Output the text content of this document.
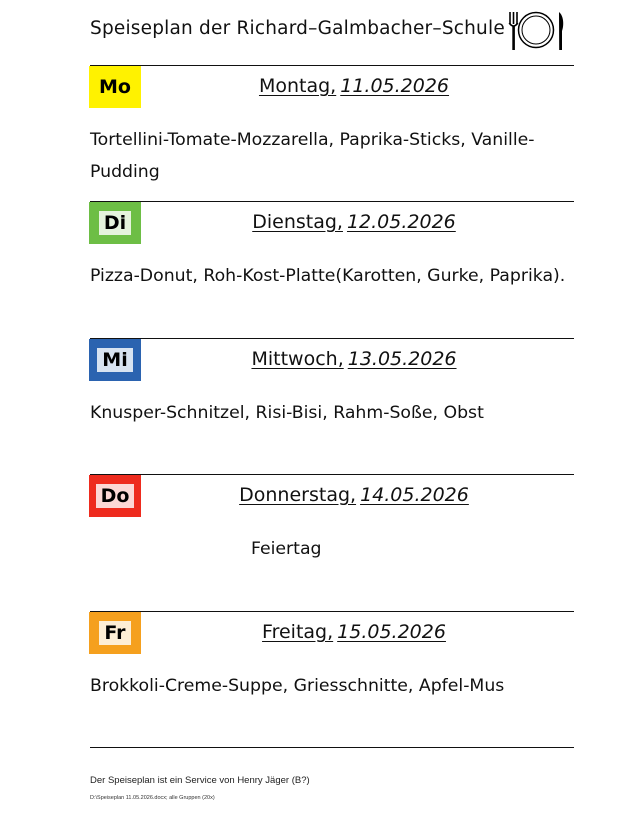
Speiseplan der Richard–Galmbacher–Schule
Mo	Montag, 11.05.2026
Tortellini-Tomate-Mozzarella, Paprika-Sticks, Vanille-Pudding
Di	Dienstag, 12.05.2026
Pizza-Donut, Roh-Kost-Platte(Karotten, Gurke, Paprika).
Mi	Mittwoch, 13.05.2026
Knusper-Schnitzel, Risi-Bisi, Rahm-Soße, Obst
Do	Donnerstag, 14.05.2026
Feiertag
Fr	Freitag, 15.05.2026
Brokkoli-Creme-Suppe, Griesschnitte, Apfel-Mus
Der Speiseplan ist ein Service von Henry Jäger (B?)
D:\Speiseplan 11.05.2026.docx; alle Gruppen (20x)
